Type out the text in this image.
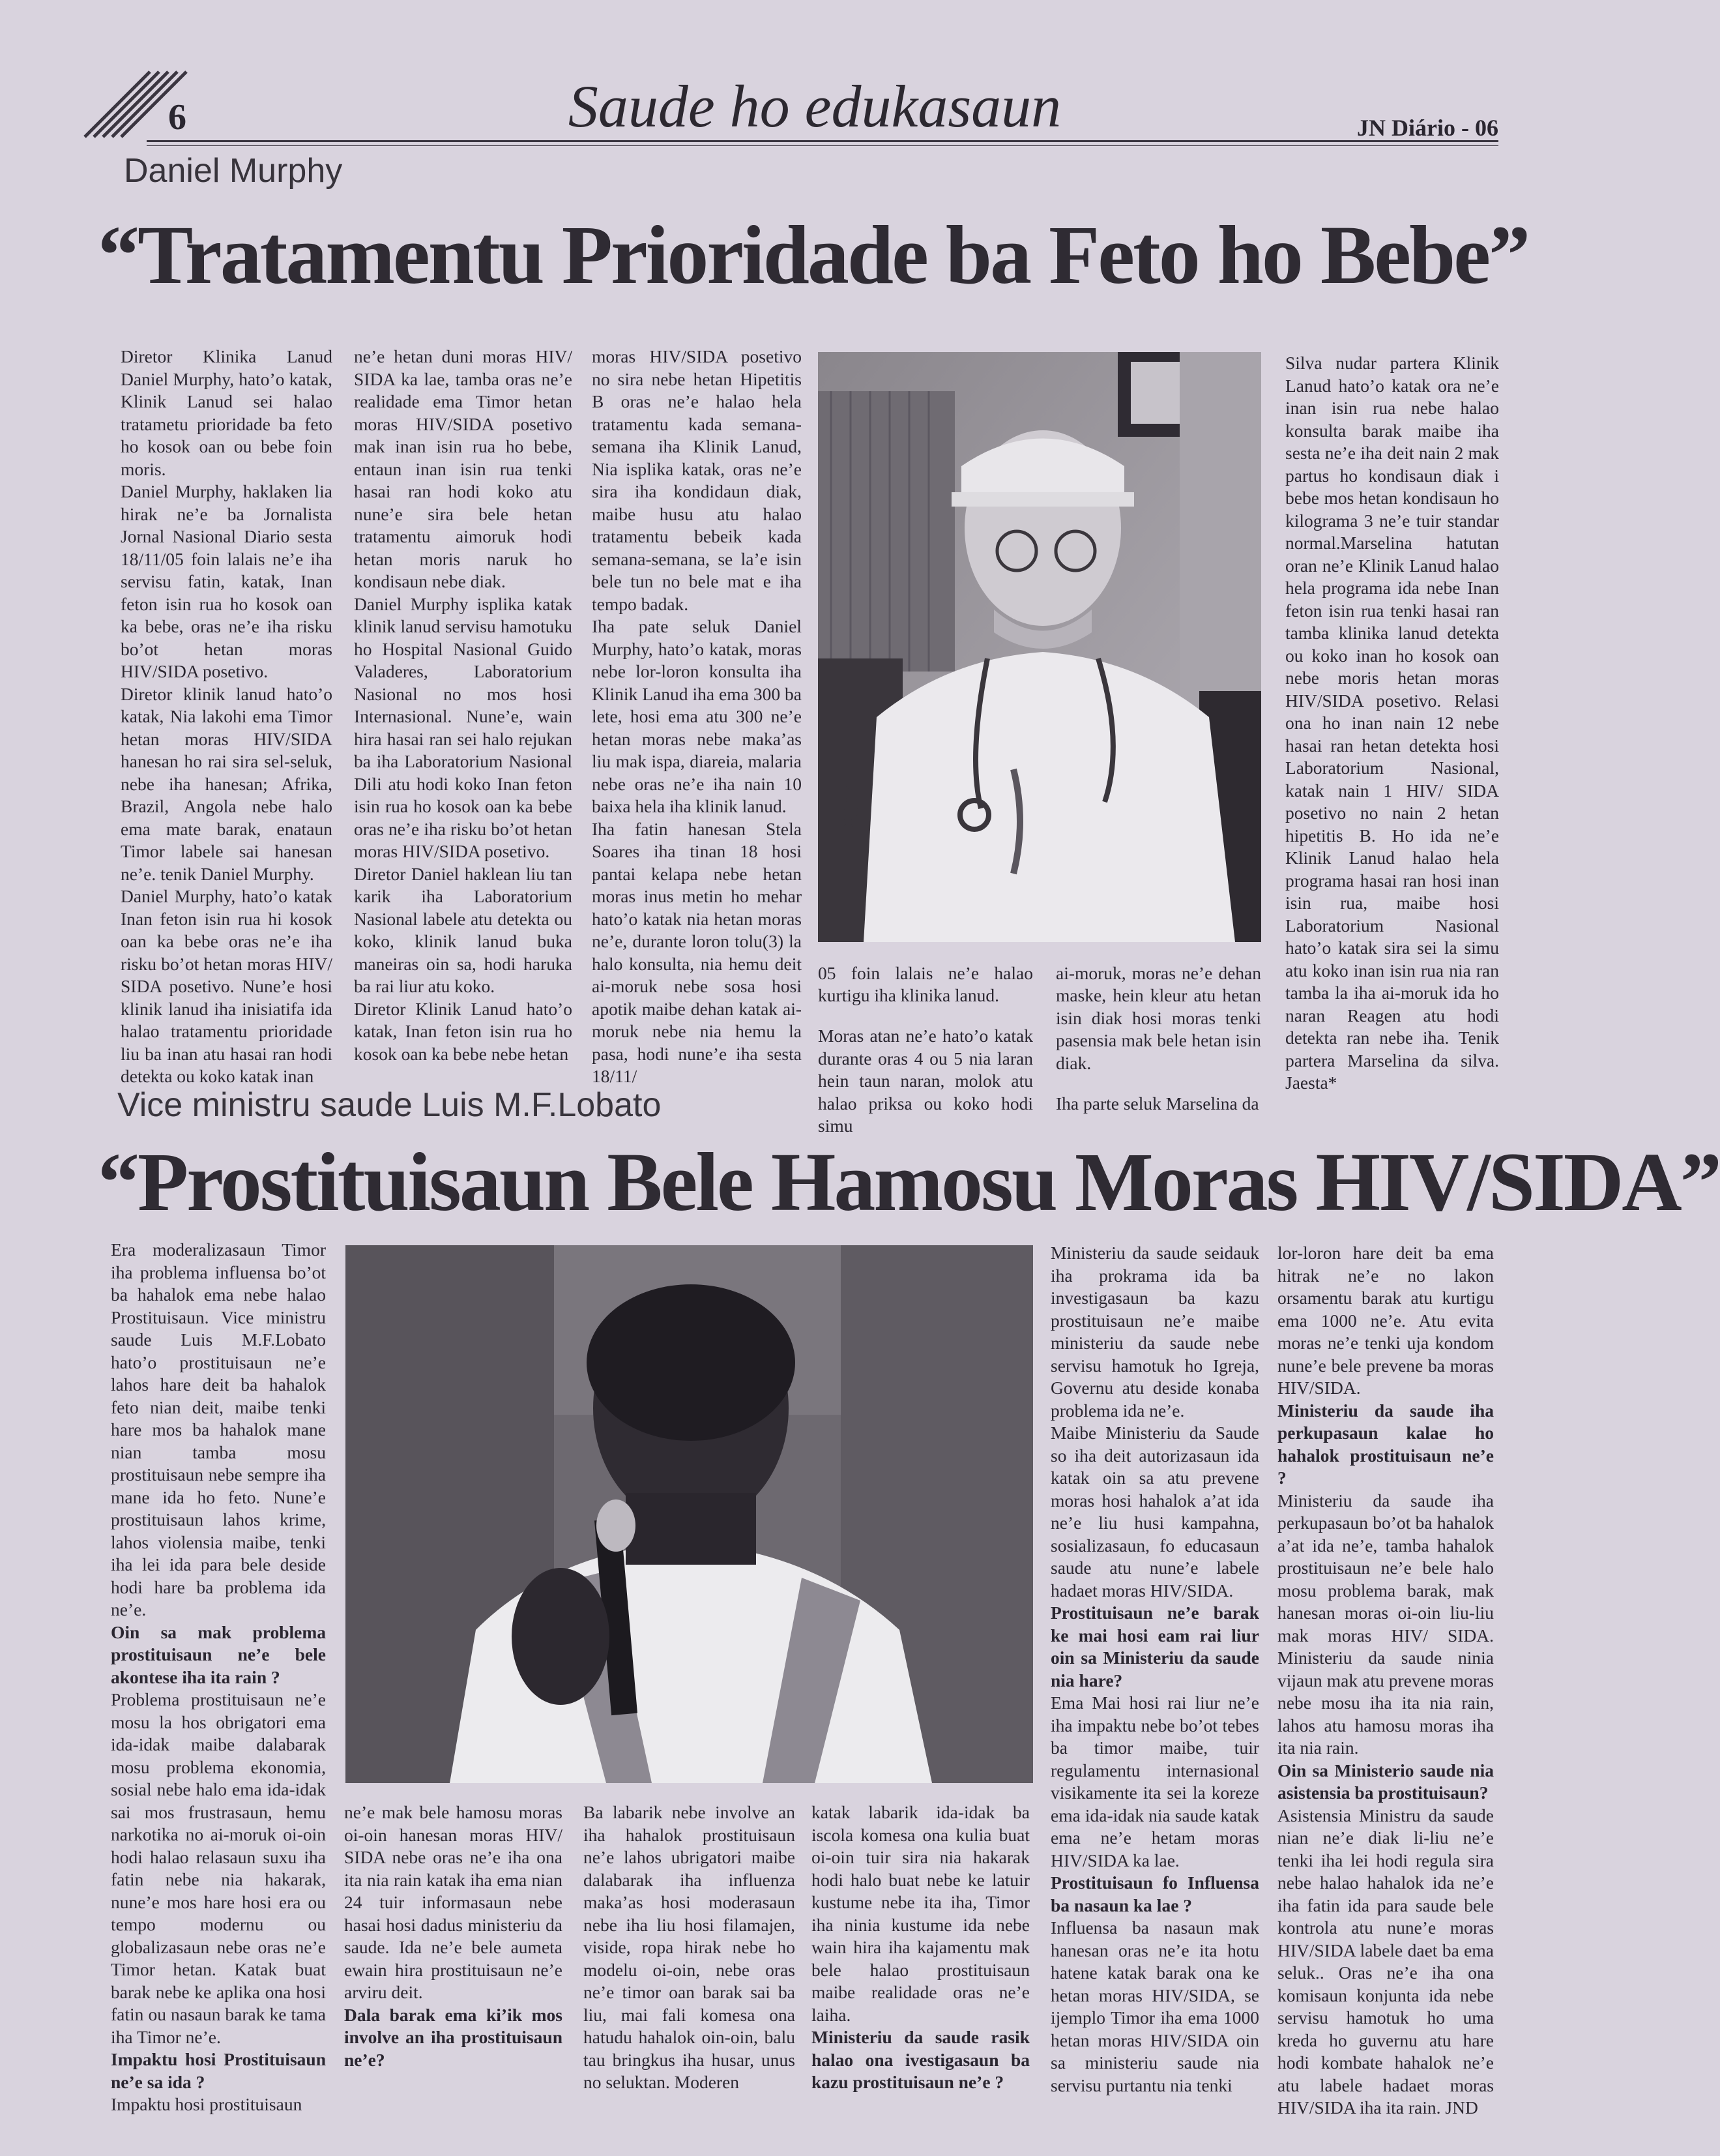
6	Saude ho edukasaun	JN Diário - 06
Daniel Murphy
“Tratamentu Prioridade ba Feto ho Bebe”

Diretor Klinika Lanud Daniel Murphy, hato’o katak, Klinik Lanud sei halao tratametu prioridade ba feto ho kosok oan ou bebe foin moris.

Daniel Murphy, haklaken lia hirak ne’e ba Jornalista Jornal Nasional Diario sesta 18/11/05 foin lalais ne’e iha servisu fatin, katak, Inan feton isin rua ho kosok oan ka bebe, oras ne’e iha risku bo’ot hetan moras HIV/SIDA posetivo.

Diretor klinik lanud hato’o katak, Nia lakohi ema Timor hetan moras HIV/SIDA hanesan ho rai sira sel-seluk, nebe iha hanesan; Afrika, Brazil, Angola nebe halo ema mate barak, enataun Timor labele sai hanesan ne’e. tenik Daniel Murphy.

Daniel Murphy, hato’o katak Inan feton isin rua hi kosok oan ka bebe oras ne’e iha risku bo’ot hetan moras HIV/ SIDA posetivo. Nune’e hosi klinik lanud iha inisiatifa ida halao tratamentu prioridade liu ba inan atu hasai ran hodi detekta ou koko katak inan

ne’e hetan duni moras HIV/ SIDA ka lae, tamba oras ne’e realidade ema Timor hetan moras HIV/SIDA posetivo mak inan isin rua ho bebe, entaun inan isin rua tenki hasai ran hodi koko atu nune’e sira bele hetan tratamentu aimoruk hodi hetan moris naruk ho kondisaun nebe diak.

Daniel Murphy isplika katak klinik lanud servisu hamotuku ho Hospital Nasional Guido Valaderes, Laboratorium Nasional no mos hosi Internasional. Nune’e, wain hira hasai ran sei halo rejukan ba iha Laboratorium Nasional Dili atu hodi koko Inan feton isin rua ho kosok oan ka bebe oras ne’e iha risku bo’ot hetan moras HIV/SIDA posetivo.

Diretor Daniel haklean liu tan karik iha Laboratorium Nasional labele atu detekta ou koko, klinik lanud buka maneiras oin sa, hodi haruka ba rai liur atu koko.

Diretor Klinik Lanud hato’o katak, Inan feton isin rua ho kosok oan ka bebe nebe hetan

moras HIV/SIDA posetivo no sira nebe hetan Hipetitis B oras ne’e halao hela tratamentu kada semana-semana iha Klinik Lanud, Nia isplika katak, oras ne’e sira iha kondidaun diak, maibe husu atu halao tratamentu bebeik kada semana-semana, se la’e isin bele tun no bele mat e iha tempo badak.

Iha pate seluk Daniel Murphy, hato’o katak, moras nebe lor-loron konsulta iha Klinik Lanud iha ema 300 ba lete, hosi ema atu 300 ne’e hetan moras nebe maka’as liu mak ispa, diareia, malaria nebe oras ne’e iha nain 10 baixa hela iha klinik lanud.

Iha fatin hanesan Stela Soares iha tinan 18 hosi pantai kelapa nebe hetan moras inus metin ho mehar hato’o katak nia hetan moras ne’e, durante loron tolu(3) la halo konsulta, nia hemu deit ai-moruk nebe sosa hosi apotik maibe dehan katak ai-moruk nebe nia hemu la pasa, hodi nune’e iha sesta 18/11/

2005 11

05 foin lalais ne’e halao kurtigu iha klinika lanud.

Moras atan ne’e hato’o katak durante oras 4 ou 5 nia laran hein taun naran, molok atu halao priksa ou koko hodi simu

ai-moruk, moras ne’e dehan maske, hein kleur atu hetan isin diak hosi moras tenki pasensia mak bele hetan isin diak.

Iha parte seluk Marselina da

Silva nudar partera Klinik Lanud hato’o katak ora ne’e inan isin rua nebe halao konsulta barak maibe iha sesta ne’e iha deit nain 2 mak partus ho kondisaun diak i bebe mos hetan kondisaun ho kilograma 3 ne’e tuir standar normal.Marselina hatutan oran ne’e Klinik Lanud halao hela programa ida nebe Inan feton isin rua tenki hasai ran tamba klinika lanud detekta ou koko inan ho kosok oan nebe moris hetan moras HIV/SIDA posetivo. Relasi ona ho inan nain 12 nebe hasai ran hetan detekta hosi Laboratorium Nasional, katak nain 1 HIV/ SIDA posetivo no nain 2 hetan hipetitis B. Ho ida ne’e Klinik Lanud halao hela programa hasai ran hosi inan isin rua, maibe hosi Laboratorium Nasional hato’o katak sira sei la simu atu koko inan isin rua nia ran tamba la iha ai-moruk ida ho naran Reagen atu hodi detekta ran nebe iha. Tenik partera Marselina da silva. Jaesta*

Vice ministru saude Luis M.F.Lobato
“Prostituisaun Bele Hamosu Moras HIV/SIDA”

Era moderalizasaun Timor iha problema influensa bo’ot ba hahalok ema nebe halao Prostituisaun. Vice ministru saude Luis M.F.Lobato hato’o prostituisaun ne’e lahos hare deit ba hahalok feto nian deit, maibe tenki hare mos ba hahalok mane nian tamba mosu prostituisaun nebe sempre iha mane ida ho feto. Nune’e prostituisaun lahos krime, lahos violensia maibe, tenki iha lei ida para bele deside hodi hare ba problema ida ne’e.

Oin sa mak problema prostituisaun ne’e bele akontese iha ita rain ?

Problema prostituisaun ne’e mosu la hos obrigatori ema ida-idak maibe dalabarak mosu problema ekonomia, sosial nebe halo ema ida-idak sai mos frustrasaun, hemu narkotika no ai-moruk oi-oin hodi halao relasaun suxu iha fatin nebe nia hakarak, nune’e mos hare hosi era ou tempo modernu ou globalizasaun nebe oras ne’e Timor hetan. Katak buat barak nebe ke aplika ona hosi fatin ou nasaun barak ke tama iha Timor ne’e.

Impaktu hosi Prostituisaun ne’e sa ida ?

Impaktu hosi prostituisaun

ne’e mak bele hamosu moras oi-oin hanesan moras HIV/ SIDA nebe oras ne’e iha ona ita nia rain katak iha ema nian 24 tuir informasaun nebe hasai hosi dadus ministeriu da saude. Ida ne’e bele aumeta ewain hira prostituisaun ne’e arviru deit.

Dala barak ema ki’ik mos involve an iha prostituisaun ne’e?

Ba labarik nebe involve an iha hahalok prostituisaun ne’e lahos ubrigatori maibe dalabarak iha influenza maka’as hosi moderasaun nebe iha liu hosi filamajen, viside, ropa hirak nebe ho modelu oi-oin, nebe oras ne’e timor oan barak sai ba liu, mai fali komesa ona hatudu hahalok oin-oin, balu tau bringkus iha husar, unus no seluktan. Moderen

katak labarik ida-idak ba iscola komesa ona kulia buat oi-oin tuir sira nia hakarak hodi halo buat nebe ke latuir kustume nebe ita iha, Timor iha ninia kustume ida nebe wain hira iha kajamentu mak bele halao prostituisaun maibe realidade oras ne’e laiha.

Ministeriu da saude rasik halao ona ivestigasaun ba kazu prostituisaun ne’e ?

Ministeriu da saude seidauk iha prokrama ida ba investigasaun ba kazu prostituisaun ne’e maibe ministeriu da saude nebe servisu hamotuk ho Igreja, Governu atu deside konaba problema ida ne’e.

Maibe Ministeriu da Saude so iha deit autorizasaun ida katak oin sa atu prevene moras hosi hahalok a’at ida ne’e liu husi kampahna, sosializasaun, fo educasaun saude atu nune’e labele hadaet moras HIV/SIDA.

Prostituisaun ne’e barak ke mai hosi eam rai liur oin sa Ministeriu da saude nia hare?

Ema Mai hosi rai liur ne’e iha impaktu nebe bo’ot tebes ba timor maibe, tuir regulamentu internasional visikamente ita sei la koreze ema ida-idak nia saude katak ema ne’e hetam moras HIV/SIDA ka lae.

Prostituisaun fo Influensa ba nasaun ka lae ?

Influensa ba nasaun mak hanesan oras ne’e ita hotu hatene katak barak ona ke hetan moras HIV/SIDA, se ijemplo Timor iha ema 1000 hetan moras HIV/SIDA oin sa ministeriu saude nia servisu purtantu nia tenki

lor-loron hare deit ba ema hitrak ne’e no lakon orsamentu barak atu kurtigu ema 1000 ne’e. Atu evita moras ne’e tenki uja kondom nune’e bele prevene ba moras HIV/SIDA.

Ministeriu da saude iha perkupasaun kalae ho hahalok prostituisaun ne’e ?

Ministeriu da saude iha perkupasaun bo’ot ba hahalok a’at ida ne’e, tamba hahalok prostituisaun ne’e bele halo mosu problema barak, mak hanesan moras oi-oin liu-liu mak moras HIV/ SIDA. Ministeriu da saude ninia vijaun mak atu prevene moras nebe mosu iha ita nia rain, lahos atu hamosu moras iha ita nia rain.

Oin sa Ministerio saude nia asistensia ba prostituisaun?

Asistensia Ministru da saude nian ne’e diak li-liu ne’e tenki iha lei hodi regula sira nebe halao hahalok ida ne’e iha fatin ida para saude bele kontrola atu nune’e moras HIV/SIDA labele daet ba ema seluk.. Oras ne’e iha ona komisaun konjunta ida nebe servisu hamotuk ho uma kreda ho guvernu atu hare hodi kombate hahalok ne’e atu labele hadaet moras HIV/SIDA iha ita rain. JND
